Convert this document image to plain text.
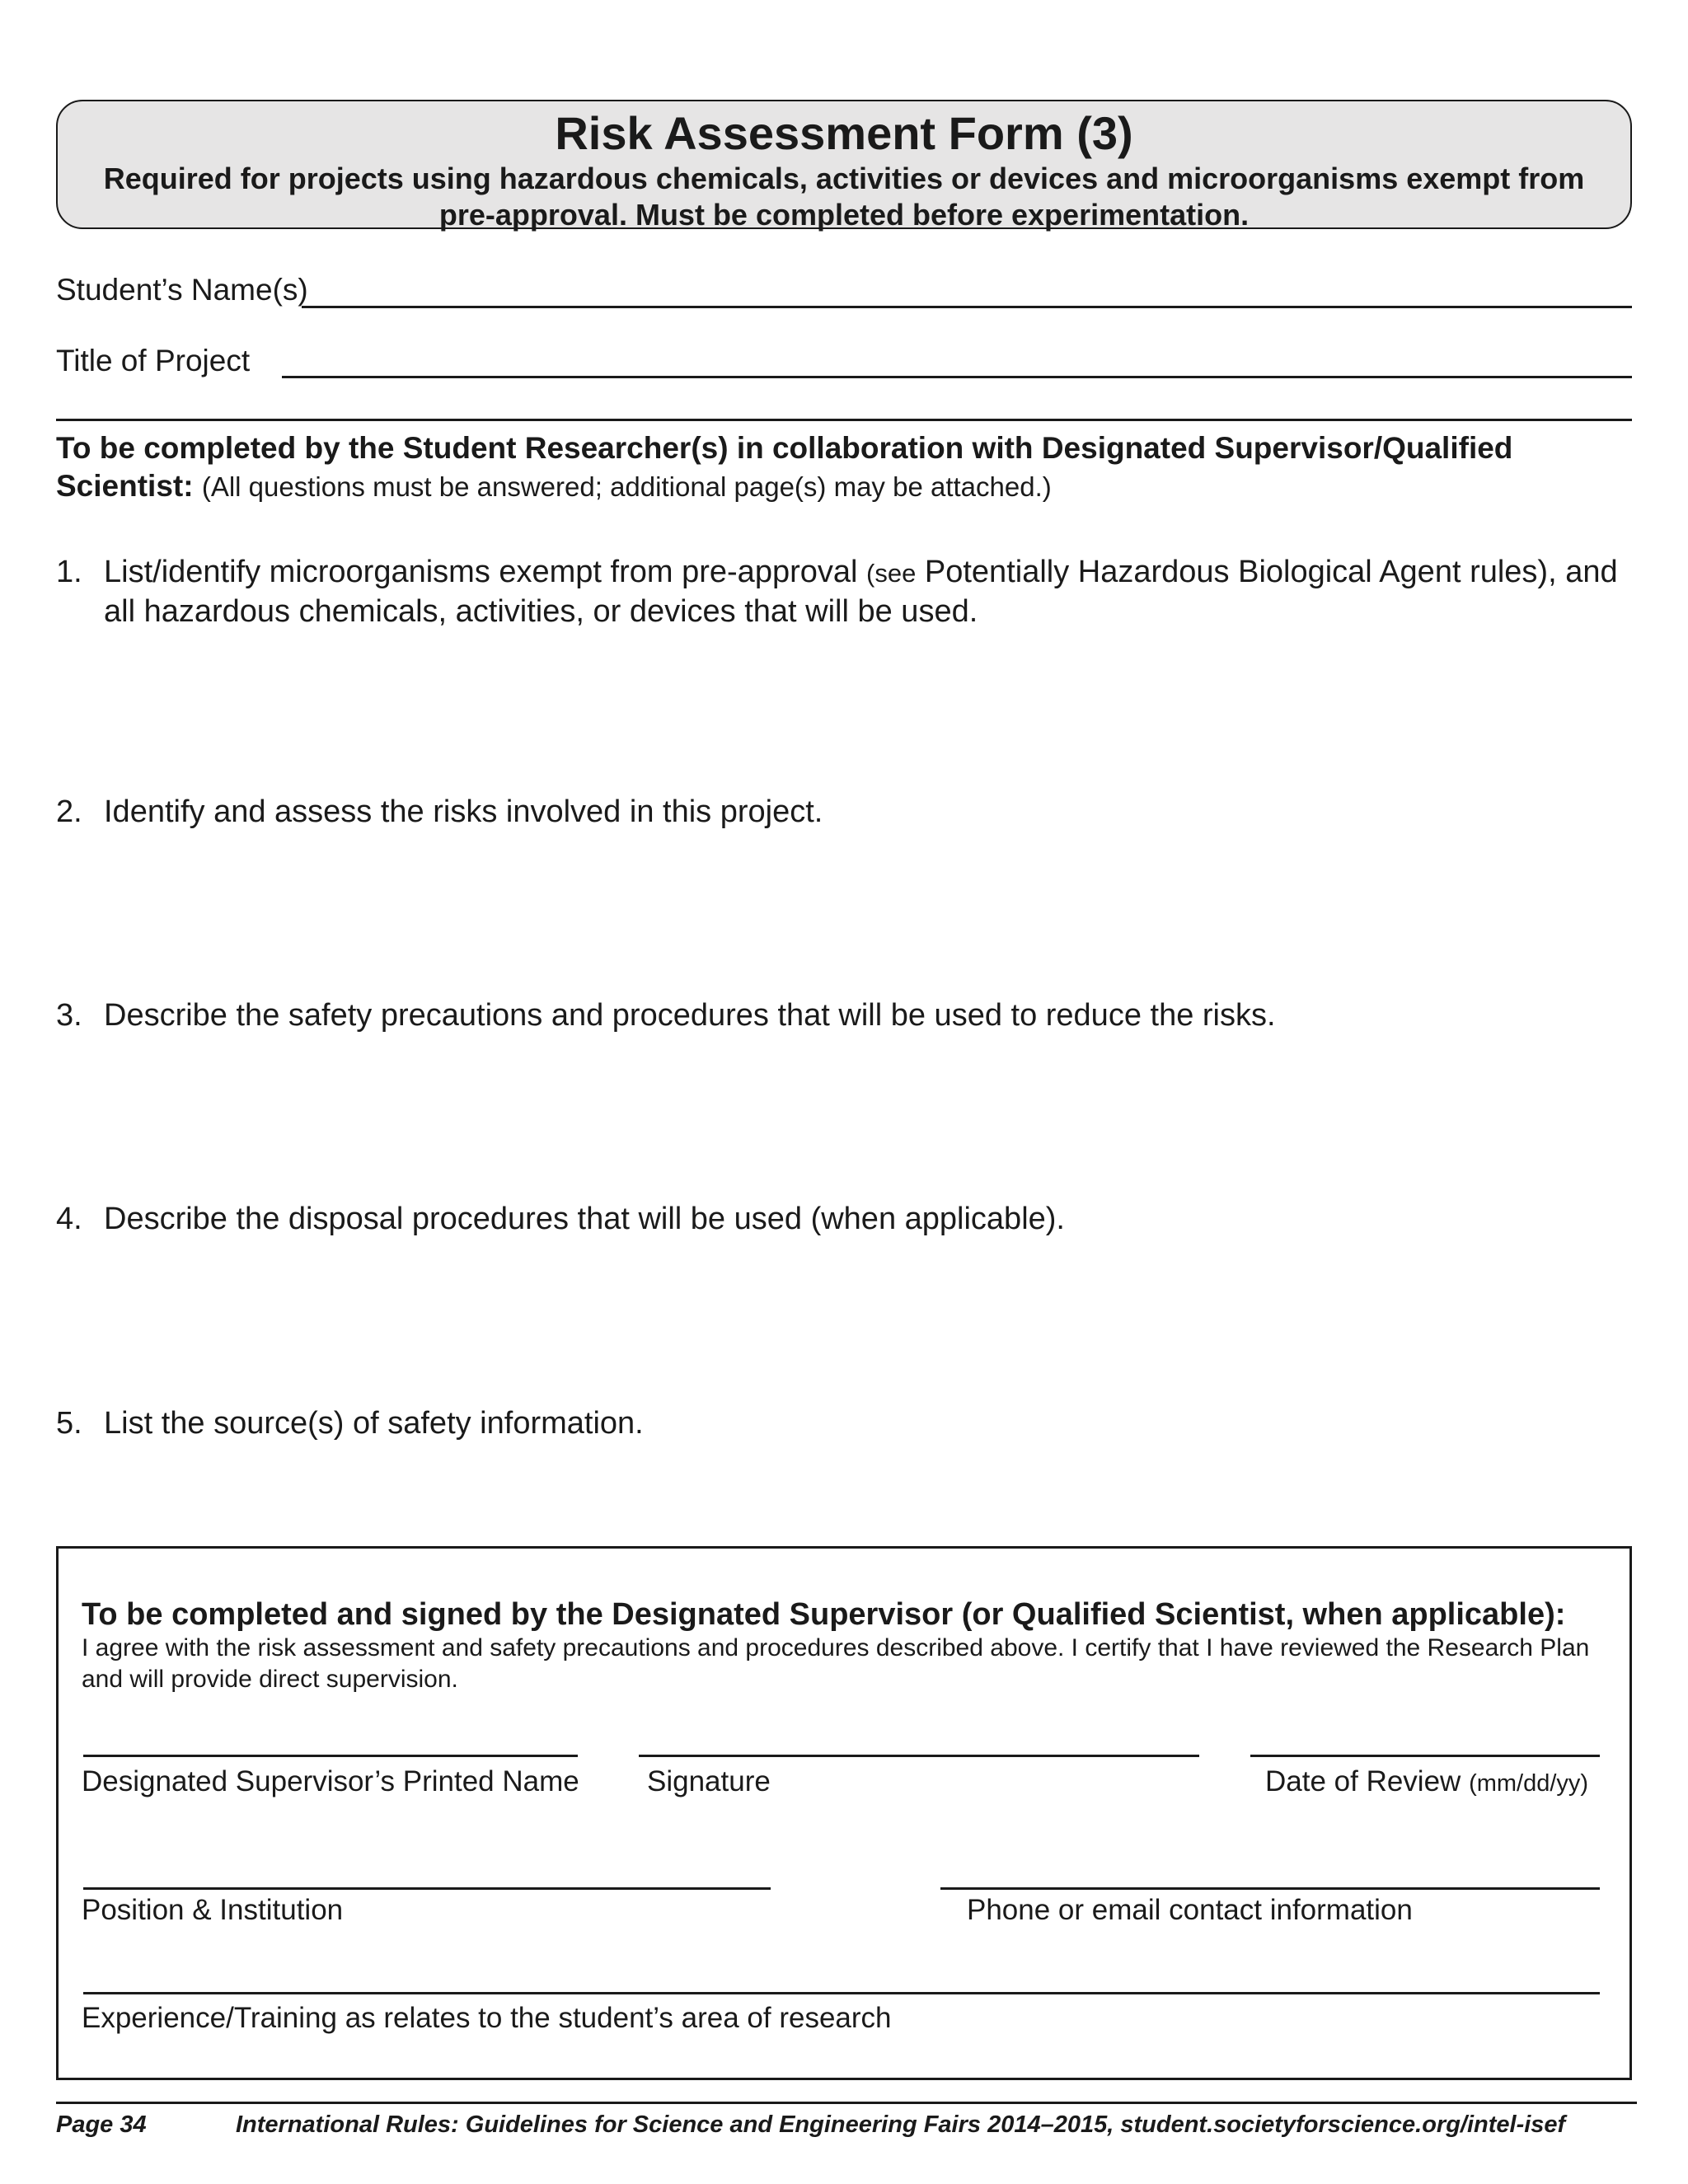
Risk Assessment Form (3)
Required for projects using hazardous chemicals, activities or devices and microorganisms exempt from pre-approval. Must be completed before experimentation.
Student’s Name(s)
Title of Project
To be completed by the Student Researcher(s) in collaboration with Designated Supervisor/Qualified Scientist: (All questions must be answered; additional page(s) may be attached.)
1. List/identify microorganisms exempt from pre-approval (see Potentially Hazardous Biological Agent rules), and all hazardous chemicals, activities, or devices that will be used.
2. Identify and assess the risks involved in this project.
3. Describe the safety precautions and procedures that will be used to reduce the risks.
4. Describe the disposal procedures that will be used (when applicable).
5. List the source(s) of safety information.
To be completed and signed by the Designated Supervisor (or Qualified Scientist, when applicable):
I agree with the risk assessment and safety precautions and procedures described above. I certify that I have reviewed the Research Plan and will provide direct supervision.
Designated Supervisor’s Printed Name Signature	Date of Review (mm/dd/yy)
Position & Institution	Phone or email contact information
Experience/Training as relates to the student’s area of research
Page 34	International Rules: Guidelines for Science and Engineering Fairs 2014–2015, student.societyforscience.org/intel-isef
